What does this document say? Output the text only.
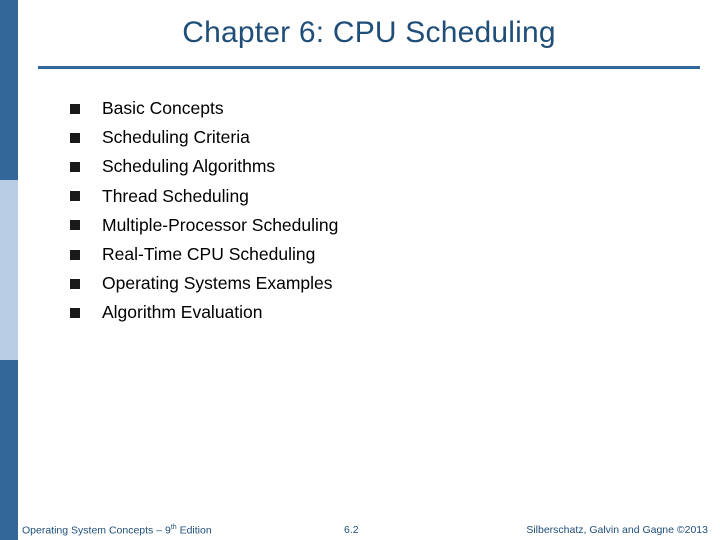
Chapter 6: CPU Scheduling
Basic Concepts
Scheduling Criteria
Scheduling Algorithms
Thread Scheduling
Multiple-Processor Scheduling
Real-Time CPU Scheduling
Operating Systems Examples
Algorithm Evaluation
Operating System Concepts – 9th Edition	6.2	Silberschatz, Galvin and Gagne ©2013
